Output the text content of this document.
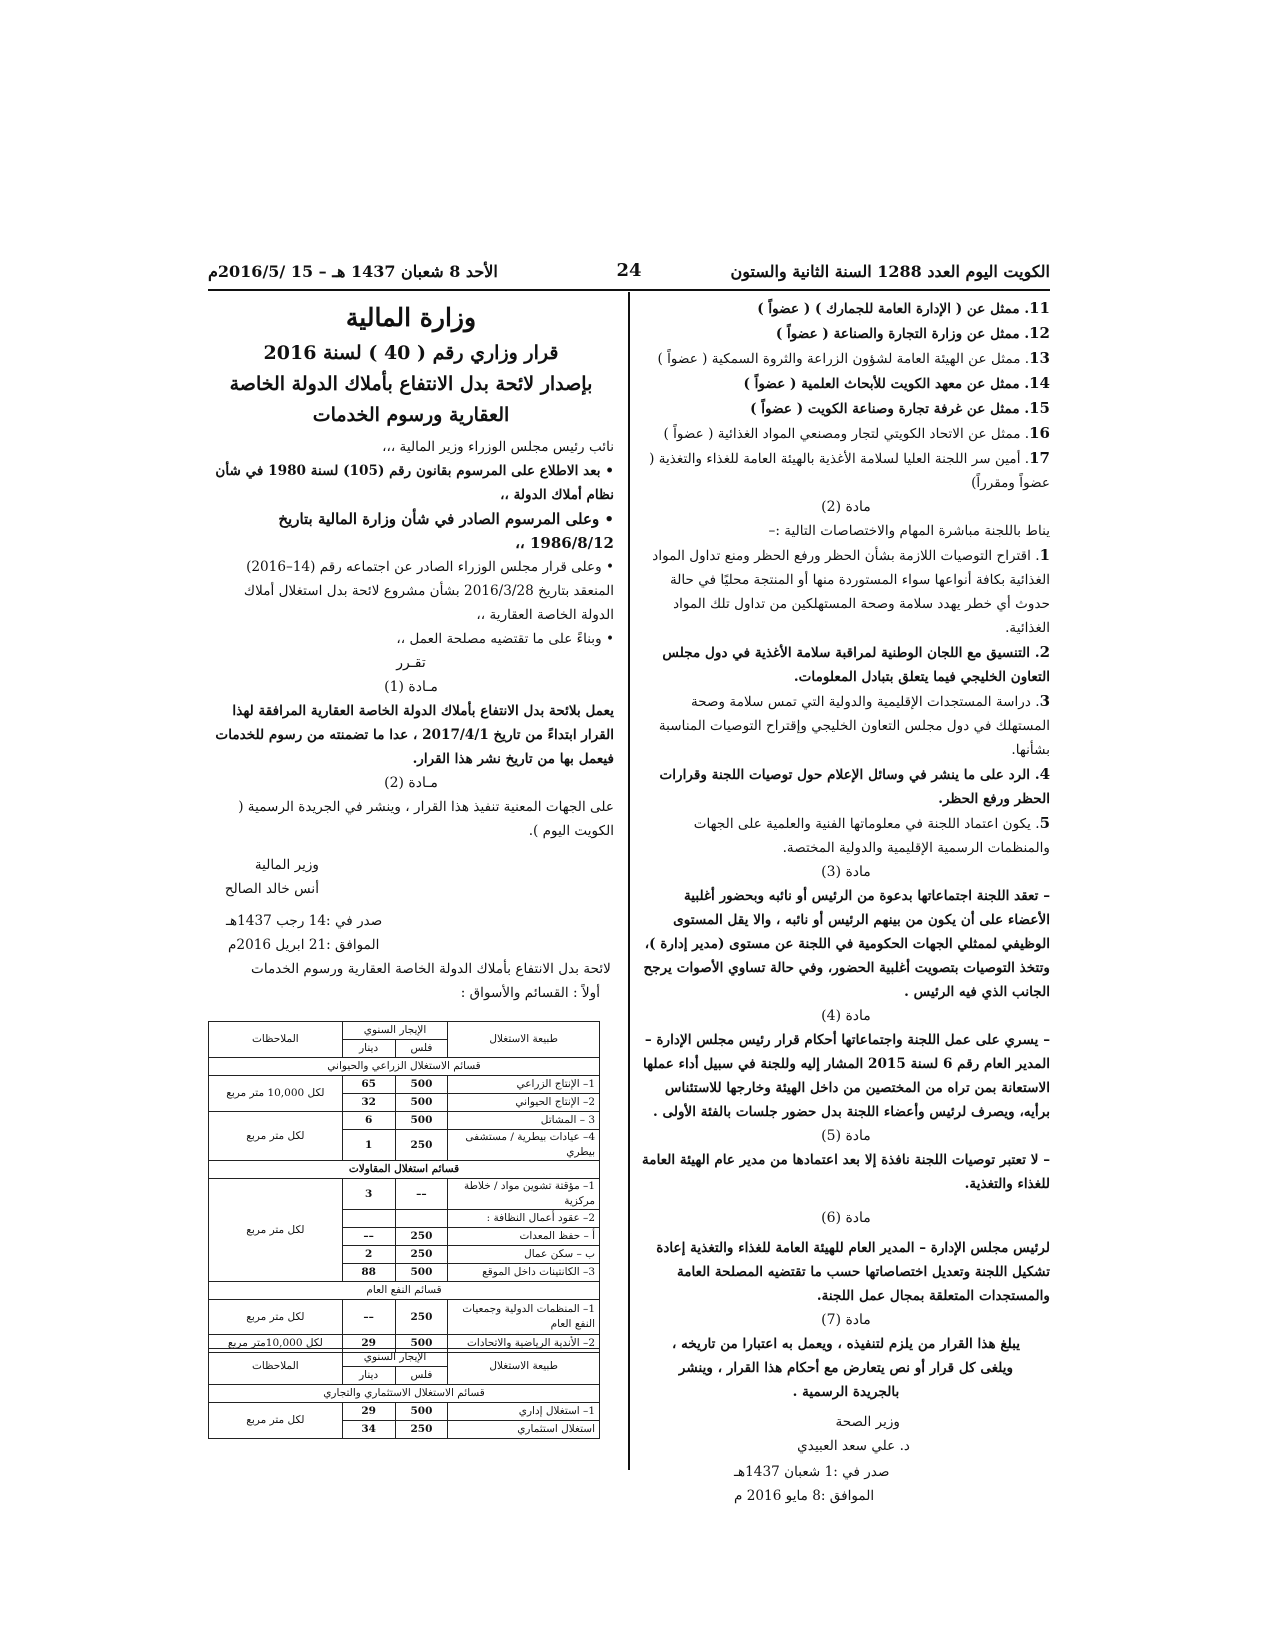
الكويت اليوم العدد 1288 السنة الثانية والستون
24
الأحد 8 شعبان 1437 هـ – 15 /2016/5م

11. ممثل عن ( الإدارة العامة للجمارك ) ( عضواً )

12. ممثل عن وزارة التجارة والصناعة ( عضواً )

13. ممثل عن الهيئة العامة لشؤون الزراعة والثروة السمكية ( عضواً )

14. ممثل عن معهد الكويت للأبحاث العلمية ( عضواً )

15. ممثل عن غرفة تجارة وصناعة الكويت ( عضواً )

16. ممثل عن الاتحاد الكويتي لتجار ومصنعي المواد الغذائية ( عضواً )

17. أمين سر اللجنة العليا لسلامة الأغذية بالهيئة العامة للغذاء والتغذية ( عضواً ومقرراً)

مادة (2)

يناط باللجنة مباشرة المهام والاختصاصات التالية :–

1. اقتراح التوصيات اللازمة بشأن الحظر ورفع الحظر ومنع تداول المواد الغذائية بكافة أنواعها سواء المستوردة منها أو المنتجة محليًا في حالة حدوث أي خطر يهدد سلامة وصحة المستهلكين من تداول تلك المواد الغذائية.

2. التنسيق مع اللجان الوطنية لمراقبة سلامة الأغذية في دول مجلس التعاون الخليجي فيما يتعلق بتبادل المعلومات.

3. دراسة المستجدات الإقليمية والدولية التي تمس سلامة وصحة المستهلك في دول مجلس التعاون الخليجي وإقتراح التوصيات المناسبة بشأنها.

4. الرد على ما ينشر في وسائل الإعلام حول توصيات اللجنة وقرارات الحظر ورفع الحظر.

5. يكون اعتماد اللجنة في معلوماتها الفنية والعلمية على الجهات والمنظمات الرسمية الإقليمية والدولية المختصة.

مادة (3)

– تعقد اللجنة اجتماعاتها بدعوة من الرئيس أو نائبه وبحضور أغلبية الأعضاء على أن يكون من بينهم الرئيس أو نائبه ، والا يقل المستوى الوظيفي لممثلي الجهات الحكومية في اللجنة عن مستوى (مدير إدارة )، وتتخذ التوصيات بتصويت أغلبية الحضور، وفي حالة تساوي الأصوات يرجح الجانب الذي فيه الرئيس .

مادة (4)

– يسري على عمل اللجنة واجتماعاتها أحكام قرار رئيس مجلس الإدارة – المدير العام رقم 6 لسنة 2015 المشار إليه وللجنة في سبيل أداء عملها الاستعانة بمن تراه من المختصين من داخل الهيئة وخارجها للاستئناس برأيه، ويصرف لرئيس وأعضاء اللجنة بدل حضور جلسات بالفئة الأولى .

مادة (5)

– لا تعتبر توصيات اللجنة نافذة إلا بعد اعتمادها من مدير عام الهيئة العامة للغذاء والتغذية.

مادة (6)

لرئيس مجلس الإدارة – المدير العام للهيئة العامة للغذاء والتغذية إعادة تشكيل اللجنة وتعديل اختصاصاتها حسب ما تقتضيه المصلحة العامة والمستجدات المتعلقة بمجال عمل اللجنة.

مادة (7)

يبلغ هذا القرار من يلزم لتنفيذه ، ويعمل به اعتبارا من تاريخه ، ويلغى كل قرار أو نص يتعارض مع أحكام هذا القرار ، وينشر بالجريدة الرسمية .

وزير الصحة

د. علي سعد العبيدي

صدر في :1 شعبان 1437هـ

الموافق :8 مايو 2016 م

وزارة المالية

قرار وزاري رقم ( 40 ) لسنة 2016

بإصدار لائحة بدل الانتفاع بأملاك الدولة الخاصة العقارية ورسوم الخدمات

نائب رئيس مجلس الوزراء وزير المالية ،،،

• بعد الاطلاع على المرسوم بقانون رقم (105) لسنة 1980 في شأن نظام أملاك الدولة ،،

• وعلى المرسوم الصادر في شأن وزارة المالية بتاريخ 1986/8/12 ،،

• وعلى قرار مجلس الوزراء الصادر عن اجتماعه رقم (14–2016) المنعقد بتاريخ 2016/3/28 بشأن مشروع لائحة بدل استغلال أملاك الدولة الخاصة العقارية ،،

• وبناءً على ما تقتضيه مصلحة العمل ،،

تقـرر

مـادة (1)

يعمل بلائحة بدل الانتفاع بأملاك الدولة الخاصة العقارية المرافقة لهذا القرار ابتداءً من تاريخ 2017/4/1 ، عدا ما تضمنته من رسوم للخدمات فيعمل بها من تاريخ نشر هذا القرار.

مـادة (2)

على الجهات المعنية تنفيذ هذا القرار ، وينشر في الجريدة الرسمية ( الكويت اليوم ).

وزير المالية

أنس خالد الصالح

صدر في :14 رجب 1437هـ

الموافق :21 ابريل 2016م

لائحة بدل الانتفاع بأملاك الدولة الخاصة العقارية ورسوم الخدمات

أولاً : القسائم والأسواق :

طبيعة الاستغلال	الإيجار السنوي		الملاحظات
	فلس	دينار	
قسائم الاستغلال الزراعي والحيواني			
1– الإنتاج الزراعي	500	65	لكل 10,000 متر مربع
2– الإنتاج الحيواني	500	32	
3 – المشاتل	500	6	لكل متر مربع
4– عيادات بيطرية / مستشفى بيطري	250	1	
قسائم استغلال المقاولات			
1– مؤقتة تشوين مواد / خلاطة مركزية	––	3	لكل متر مربع
2– عقود أعمال النظافة :			
أ – حفظ المعدات	250	––	
ب – سكن عمال	250	2	
3– الكانتينات داخل الموقع	500	88	
قسائم النفع العام			
1– المنظمات الدولية وجمعيات النفع العام	250	––	لكل متر مربع
2– الأندية الرياضية والاتحادات	500	29	لكل 10,000متر مربع
طبيعة الاستغلال	الإيجار السنوي		الملاحظات
	فلس	دينار	
قسائم الاستغلال الاستثماري والتجاري			
1– استغلال إداري	500	29	لكل متر مربع
استغلال استثماري	250	34	
